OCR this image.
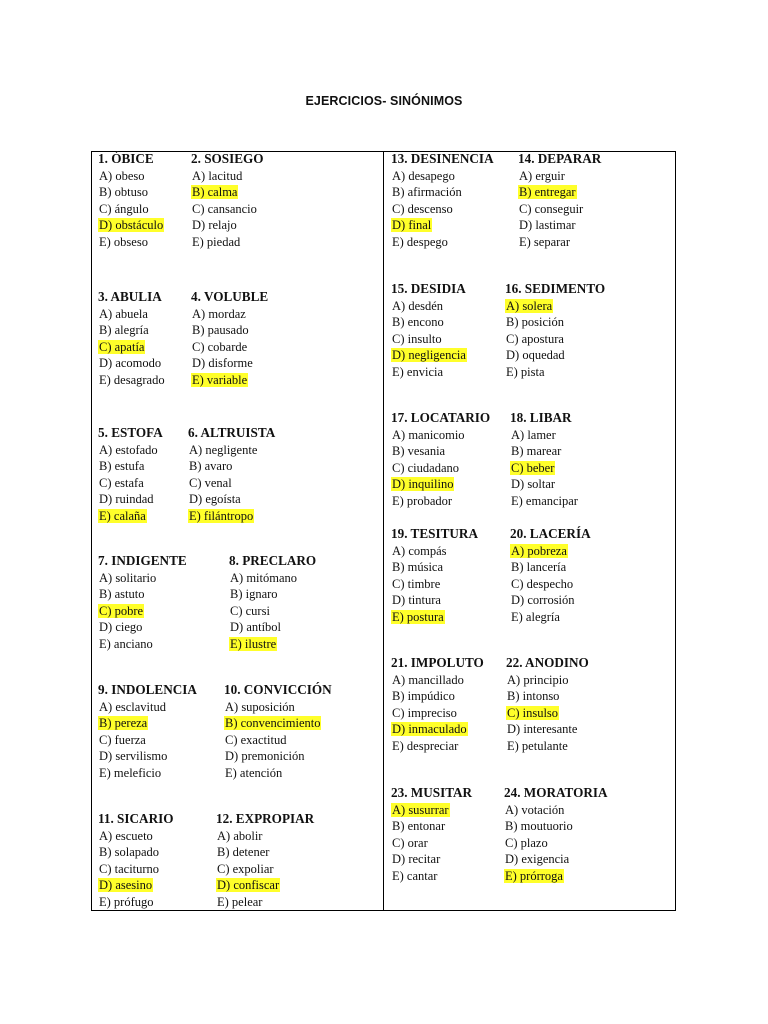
EJERCICIOS- SINÓNIMOS
1. ÓBICE
A) obeso
B) obtuso
C) ángulo
D) obstáculo
E) obseso
2. SOSIEGO
A) lacitud
B) calma
C) cansancio
D) relajo
E) piedad
3. ABULIA
A) abuela
B) alegría
C) apatía
D) acomodo
E) desagrado
4. VOLUBLE
A) mordaz
B) pausado
C) cobarde
D) disforme
E) variable
5. ESTOFA
A) estofado
B) estufa
C) estafa
D) ruindad
E) calaña
6. ALTRUISTA
A) negligente
B) avaro
C) venal
D) egoísta
E) filántropo
7. INDIGENTE
A) solitario
B) astuto
C) pobre
D) ciego
E) anciano
8. PRECLARO
A) mitómano
B) ignaro
C) cursi
D) antíbol
E) ilustre
9. INDOLENCIA
A) esclavitud
B) pereza
C) fuerza
D) servilismo
E) meleficio
10. CONVICCIÓN
A) suposición
B) convencimiento
C) exactitud
D) premonición
E) atención
11. SICARIO
A) escueto
B) solapado
C) taciturno
D) asesino
E) prófugo
12. EXPROPIAR
A) abolir
B) detener
C) expoliar
D) confiscar
E) pelear
13. DESINENCIA
A) desapego
B) afirmación
C) descenso
D) final
E) despego
14. DEPARAR
A) erguir
B) entregar
C) conseguir
D) lastimar
E) separar
15. DESIDIA
A) desdén
B) encono
C) insulto
D) negligencia
E) envicia
16. SEDIMENTO
A) solera
B) posición
C) apostura
D) oquedad
E) pista
17. LOCATARIO
A) manicomio
B) vesania
C) ciudadano
D) inquilino
E) probador
18. LIBAR
A) lamer
B) marear
C) beber
D) soltar
E) emancipar
19. TESITURA
A) compás
B) música
C) timbre
D) tintura
E) postura
20. LACERÍA
A) pobreza
B) lancería
C) despecho
D) corrosión
E) alegría
21. IMPOLUTO
A) mancillado
B) impúdico
C) impreciso
D) inmaculado
E) despreciar
22. ANODINO
A) principio
B) intonso
C) insulso
D) interesante
E) petulante
23. MUSITAR
A) susurrar
B) entonar
C) orar
D) recitar
E) cantar
24. MORATORIA
A) votación
B) moutuorio
C) plazo
D) exigencia
E) prórroga
